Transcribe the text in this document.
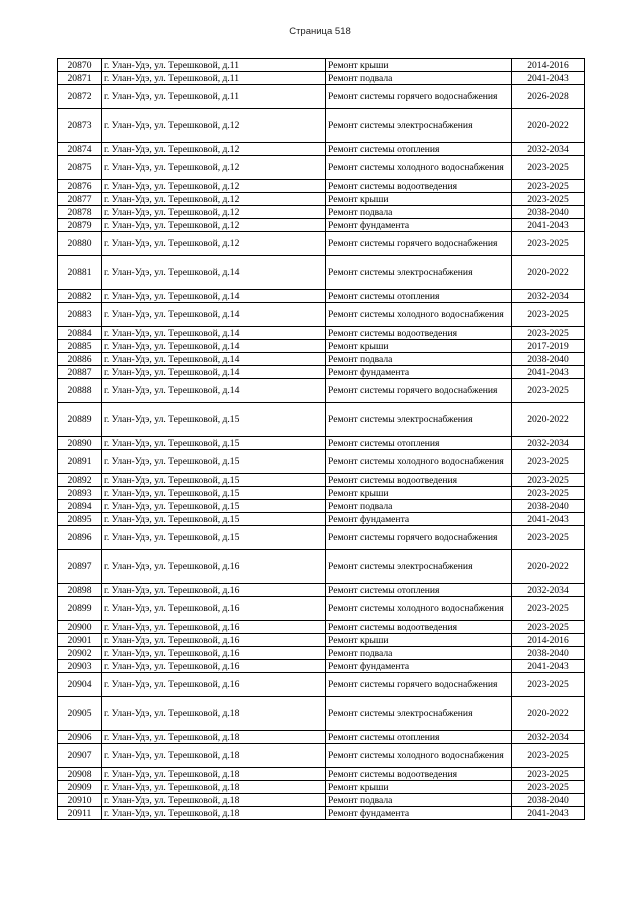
Страница 518
20870	г. Улан-Удэ, ул. Терешковой, д.11	Ремонт крыши	2014-2016
20871	г. Улан-Удэ, ул. Терешковой, д.11	Ремонт подвала	2041-2043
20872	г. Улан-Удэ, ул. Терешковой, д.11	Ремонт системы горячего водоснабжения	2026-2028
20873	г. Улан-Удэ, ул. Терешковой, д.12	Ремонт системы электроснабжения	2020-2022
20874	г. Улан-Удэ, ул. Терешковой, д.12	Ремонт системы отопления	2032-2034
20875	г. Улан-Удэ, ул. Терешковой, д.12	Ремонт системы холодного водоснабжения	2023-2025
20876	г. Улан-Удэ, ул. Терешковой, д.12	Ремонт системы водоотведения	2023-2025
20877	г. Улан-Удэ, ул. Терешковой, д.12	Ремонт крыши	2023-2025
20878	г. Улан-Удэ, ул. Терешковой, д.12	Ремонт подвала	2038-2040
20879	г. Улан-Удэ, ул. Терешковой, д.12	Ремонт фундамента	2041-2043
20880	г. Улан-Удэ, ул. Терешковой, д.12	Ремонт системы горячего водоснабжения	2023-2025
20881	г. Улан-Удэ, ул. Терешковой, д.14	Ремонт системы электроснабжения	2020-2022
20882	г. Улан-Удэ, ул. Терешковой, д.14	Ремонт системы отопления	2032-2034
20883	г. Улан-Удэ, ул. Терешковой, д.14	Ремонт системы холодного водоснабжения	2023-2025
20884	г. Улан-Удэ, ул. Терешковой, д.14	Ремонт системы водоотведения	2023-2025
20885	г. Улан-Удэ, ул. Терешковой, д.14	Ремонт крыши	2017-2019
20886	г. Улан-Удэ, ул. Терешковой, д.14	Ремонт подвала	2038-2040
20887	г. Улан-Удэ, ул. Терешковой, д.14	Ремонт фундамента	2041-2043
20888	г. Улан-Удэ, ул. Терешковой, д.14	Ремонт системы горячего водоснабжения	2023-2025
20889	г. Улан-Удэ, ул. Терешковой, д.15	Ремонт системы электроснабжения	2020-2022
20890	г. Улан-Удэ, ул. Терешковой, д.15	Ремонт системы отопления	2032-2034
20891	г. Улан-Удэ, ул. Терешковой, д.15	Ремонт системы холодного водоснабжения	2023-2025
20892	г. Улан-Удэ, ул. Терешковой, д.15	Ремонт системы водоотведения	2023-2025
20893	г. Улан-Удэ, ул. Терешковой, д.15	Ремонт крыши	2023-2025
20894	г. Улан-Удэ, ул. Терешковой, д.15	Ремонт подвала	2038-2040
20895	г. Улан-Удэ, ул. Терешковой, д.15	Ремонт фундамента	2041-2043
20896	г. Улан-Удэ, ул. Терешковой, д.15	Ремонт системы горячего водоснабжения	2023-2025
20897	г. Улан-Удэ, ул. Терешковой, д.16	Ремонт системы электроснабжения	2020-2022
20898	г. Улан-Удэ, ул. Терешковой, д.16	Ремонт системы отопления	2032-2034
20899	г. Улан-Удэ, ул. Терешковой, д.16	Ремонт системы холодного водоснабжения	2023-2025
20900	г. Улан-Удэ, ул. Терешковой, д.16	Ремонт системы водоотведения	2023-2025
20901	г. Улан-Удэ, ул. Терешковой, д.16	Ремонт крыши	2014-2016
20902	г. Улан-Удэ, ул. Терешковой, д.16	Ремонт подвала	2038-2040
20903	г. Улан-Удэ, ул. Терешковой, д.16	Ремонт фундамента	2041-2043
20904	г. Улан-Удэ, ул. Терешковой, д.16	Ремонт системы горячего водоснабжения	2023-2025
20905	г. Улан-Удэ, ул. Терешковой, д.18	Ремонт системы электроснабжения	2020-2022
20906	г. Улан-Удэ, ул. Терешковой, д.18	Ремонт системы отопления	2032-2034
20907	г. Улан-Удэ, ул. Терешковой, д.18	Ремонт системы холодного водоснабжения	2023-2025
20908	г. Улан-Удэ, ул. Терешковой, д.18	Ремонт системы водоотведения	2023-2025
20909	г. Улан-Удэ, ул. Терешковой, д.18	Ремонт крыши	2023-2025
20910	г. Улан-Удэ, ул. Терешковой, д.18	Ремонт подвала	2038-2040
20911	г. Улан-Удэ, ул. Терешковой, д.18	Ремонт фундамента	2041-2043
